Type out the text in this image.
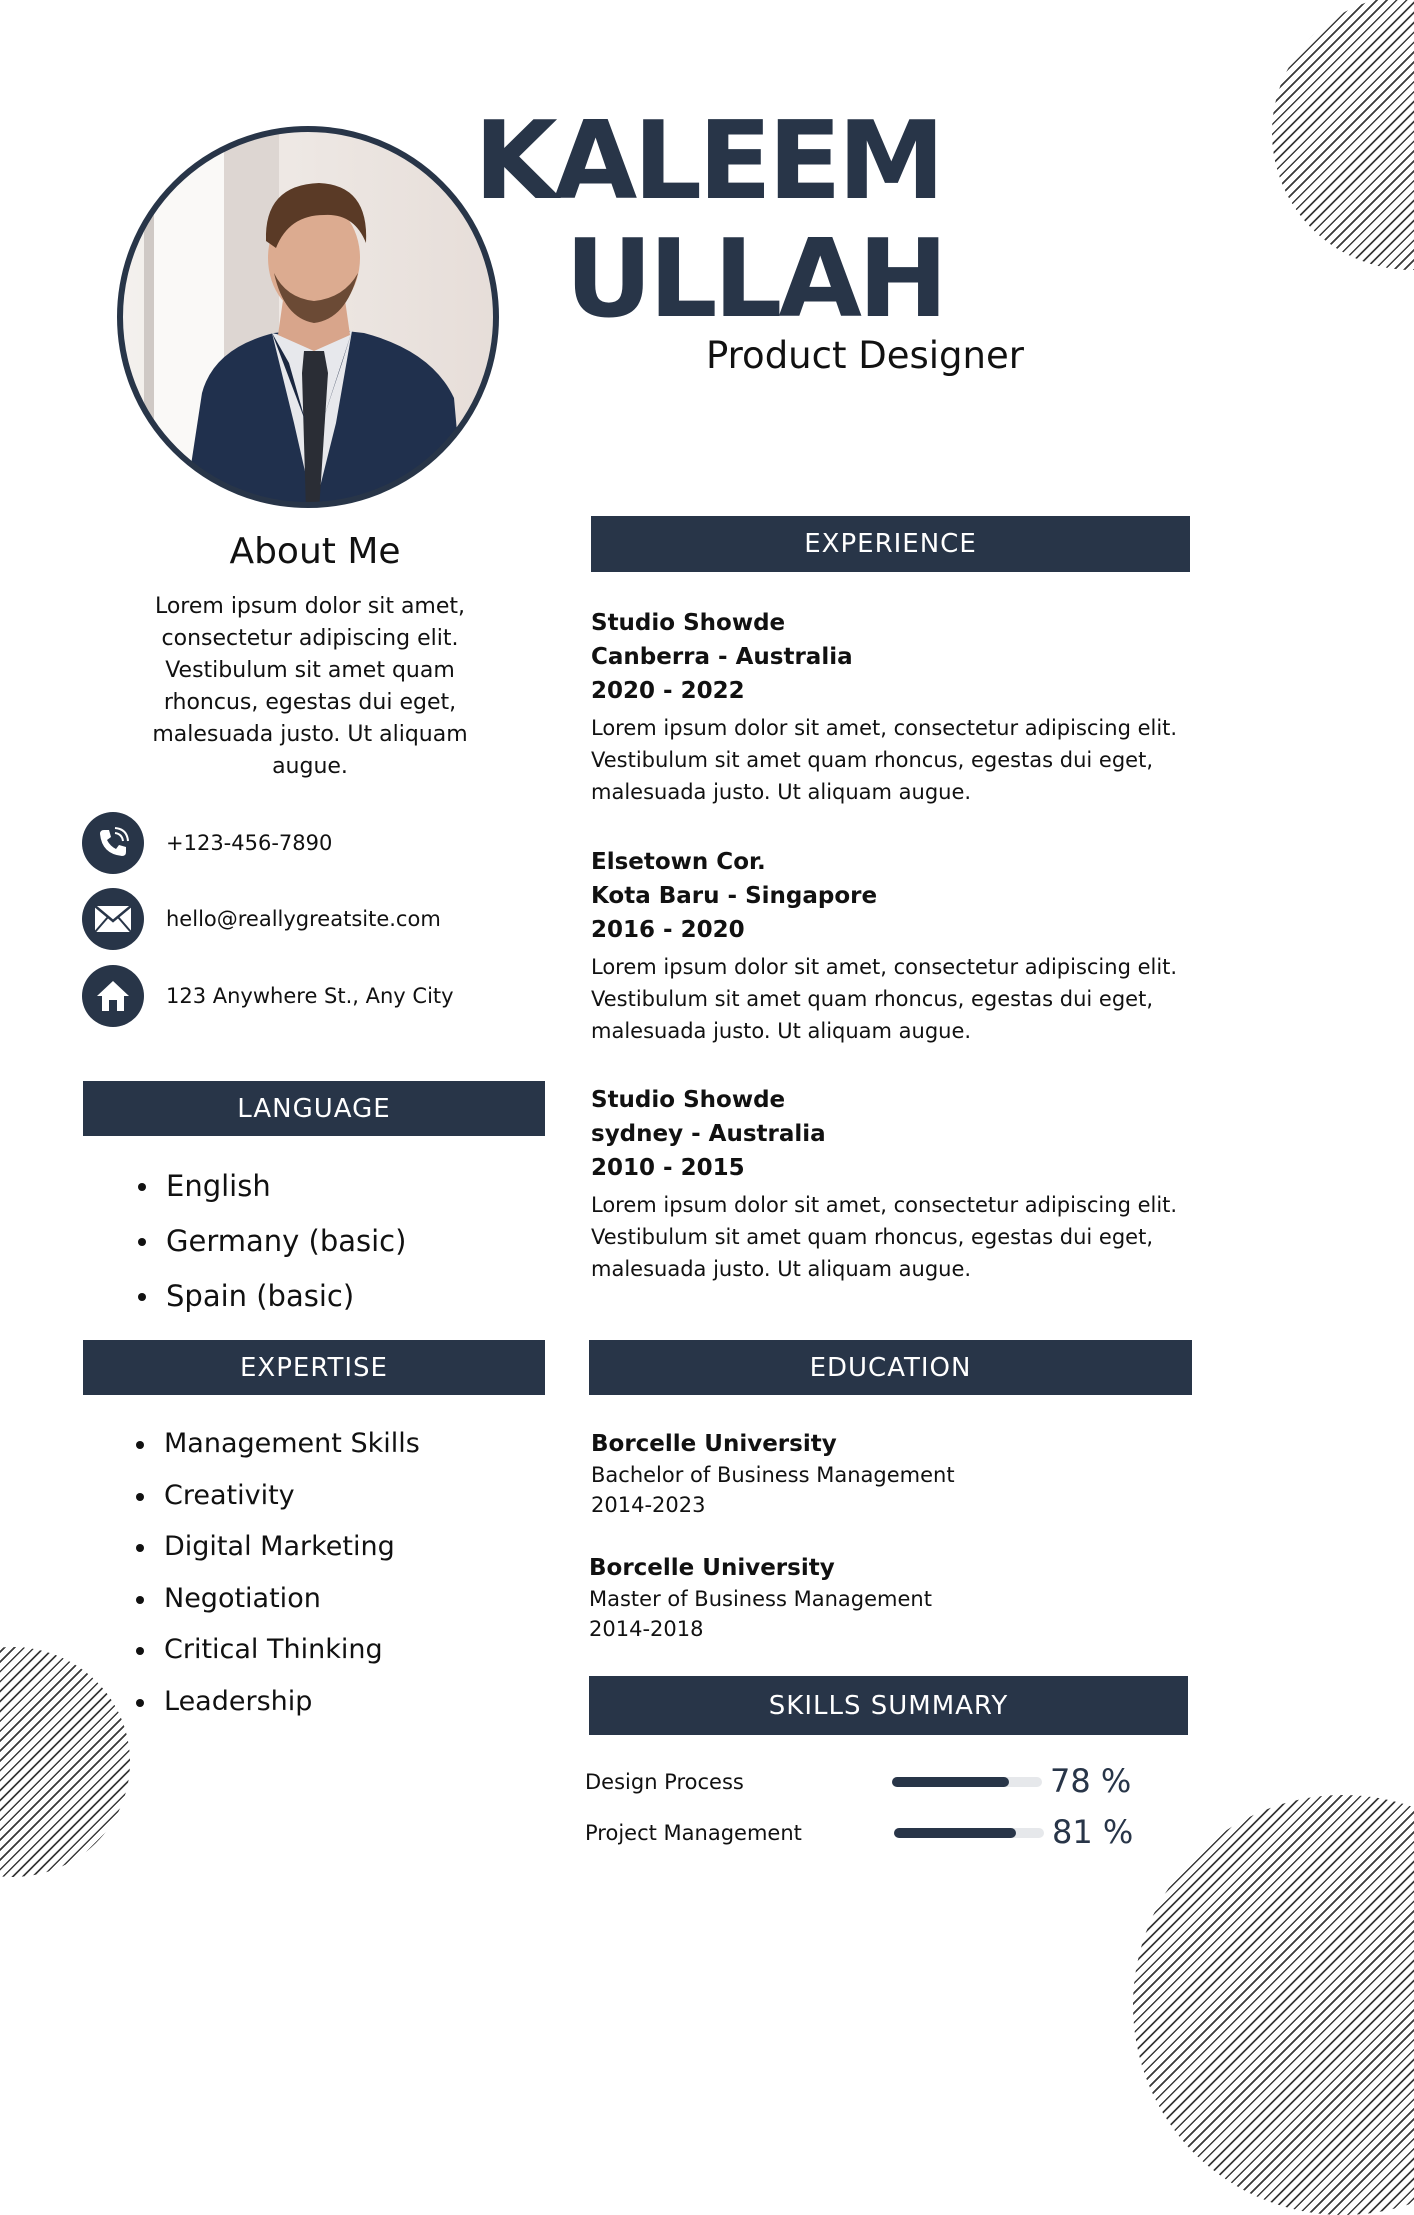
KALEEM
ULLAH
Product Designer
About Me
Lorem ipsum dolor sit amet,
consectetur adipiscing elit.
Vestibulum sit amet quam
rhoncus, egestas dui eget,
malesuada justo. Ut aliquam
augue.
+123-456-7890
hello@reallygreatsite.com
123 Anywhere St., Any City
LANGUAGE
English
Germany (basic)
Spain (basic)
EXPERTISE
Management Skills
Creativity
Digital Marketing
Negotiation
Critical Thinking
Leadership
EXPERIENCE
Studio Showde
Canberra - Australia
2020 - 2022
Lorem ipsum dolor sit amet, consectetur adipiscing elit.
Vestibulum sit amet quam rhoncus, egestas dui eget,
malesuada justo. Ut aliquam augue.
Elsetown Cor.
Kota Baru - Singapore
2016 - 2020
Lorem ipsum dolor sit amet, consectetur adipiscing elit.
Vestibulum sit amet quam rhoncus, egestas dui eget,
malesuada justo. Ut aliquam augue.
Studio Showde
sydney - Australia
2010 - 2015
Lorem ipsum dolor sit amet, consectetur adipiscing elit.
Vestibulum sit amet quam rhoncus, egestas dui eget,
malesuada justo. Ut aliquam augue.
EDUCATION
Borcelle University
Bachelor of Business Management
2014-2023
Borcelle University
Master of Business Management
2014-2018
SKILLS SUMMARY
Design Process	78 %
Project Management	81 %
